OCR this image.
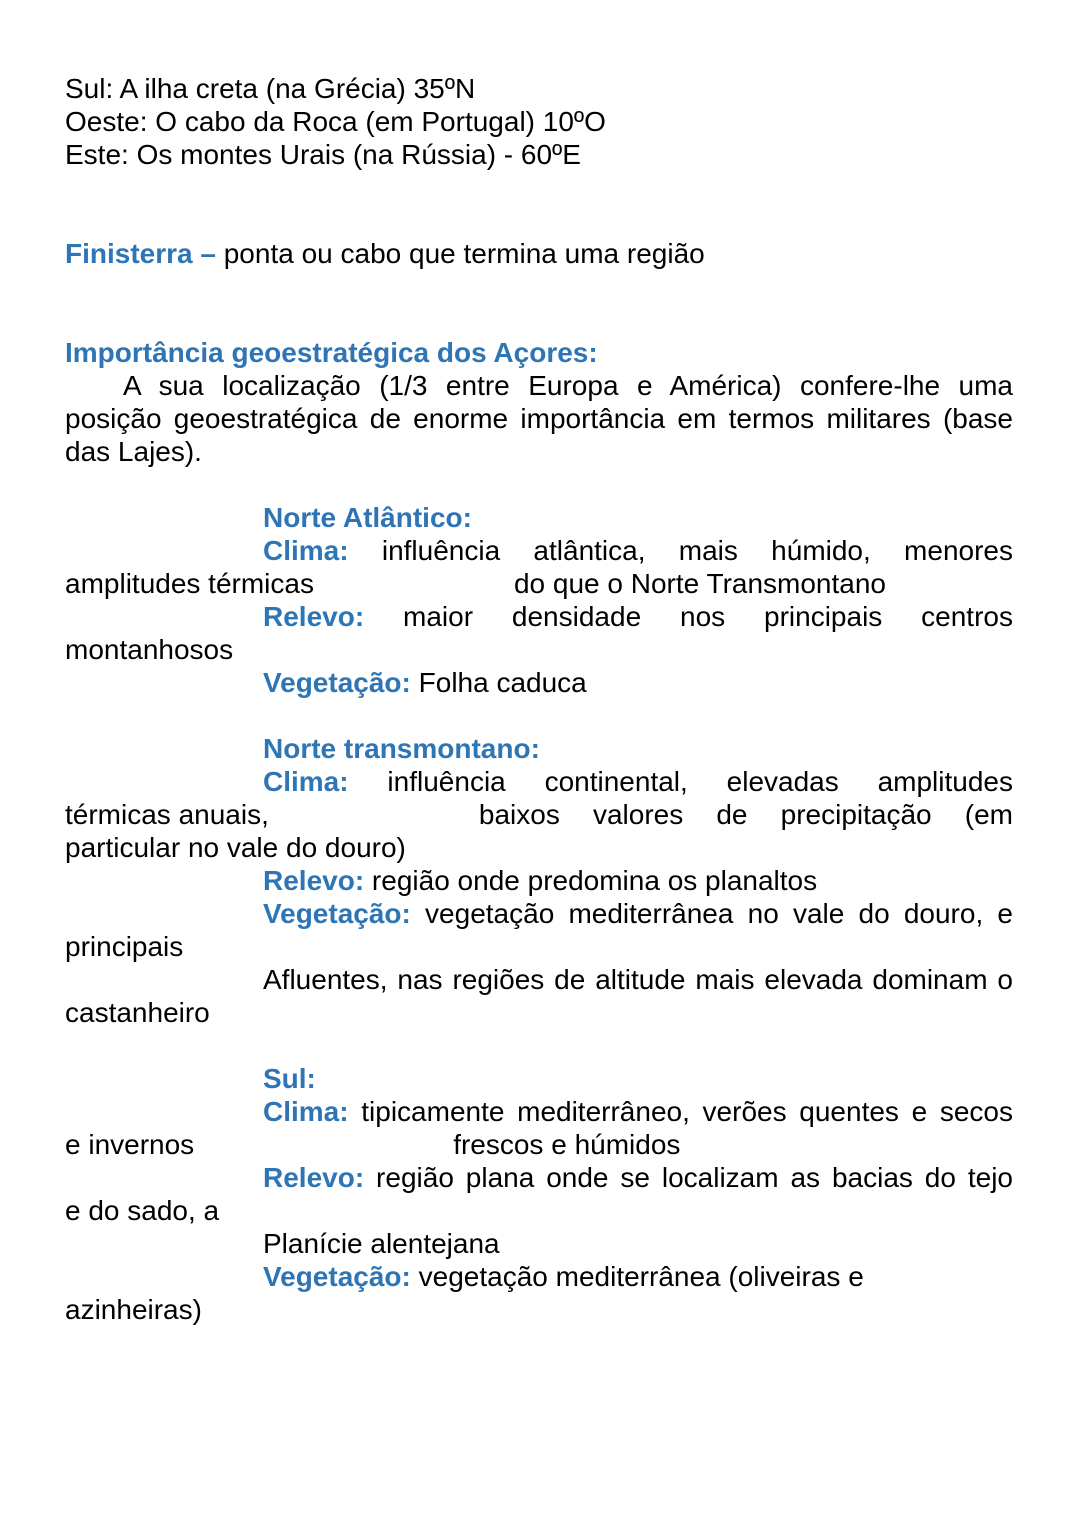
Sul: A ilha creta (na Grécia) 35ºN
Oeste: O cabo da Roca (em Portugal) 10ºO
Este: Os montes Urais (na Rússia) - 60ºE
Finisterra – ponta ou cabo que termina uma região
Importância geoestratégica dos Açores:
A sua localização (1/3 entre Europa e América) confere-lhe uma
posição geoestratégica de enorme importância em termos militares (base
das Lajes).
Norte Atlântico:
Clima: influência atlântica, mais húmido, menores
amplitudes térmicas	do que o Norte Transmontano
Relevo: maior densidade nos principais centros
montanhosos
Vegetação: Folha caduca
Norte transmontano:
Clima: influência continental, elevadas amplitudes
térmicas anuais,	baixos valores de precipitação (em
particular no vale do douro)
Relevo: região onde predomina os planaltos
Vegetação: vegetação mediterrânea no vale do douro, e
principais
Afluentes, nas regiões de altitude mais elevada dominam o
castanheiro
Sul:
Clima: tipicamente mediterrâneo, verões quentes e secos
e invernos	frescos e húmidos
Relevo: região plana onde se localizam as bacias do tejo
e do sado, a
Planície alentejana
Vegetação: vegetação mediterrânea (oliveiras e
azinheiras)
